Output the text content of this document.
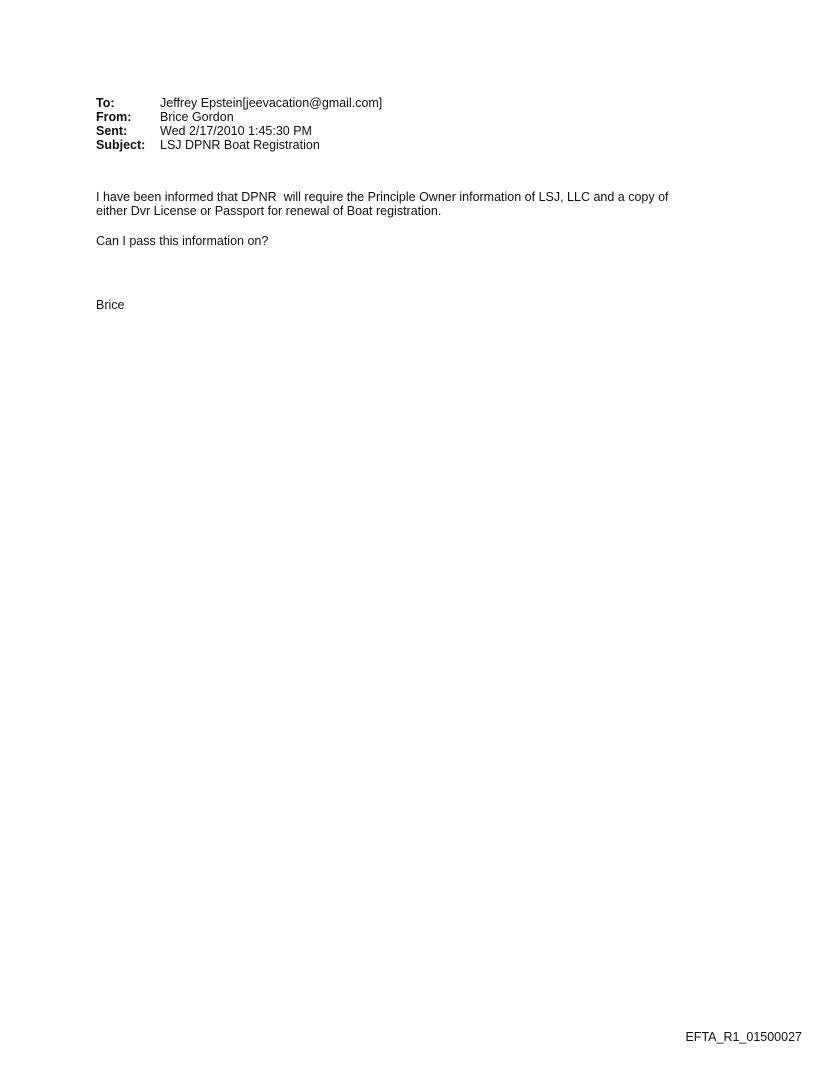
To:	Jeffrey Epstein[jeevacation@gmail.com]
From:	Brice Gordon
Sent:	Wed 2/17/2010 1:45:30 PM
Subject:	LSJ DPNR Boat Registration

I have been informed that DPNR  will require the Principle Owner information of LSJ, LLC and a copy of
either Dvr License or Passport for renewal of Boat registration.

Can I pass this information on?

Brice
EFTA_R1_01500027
